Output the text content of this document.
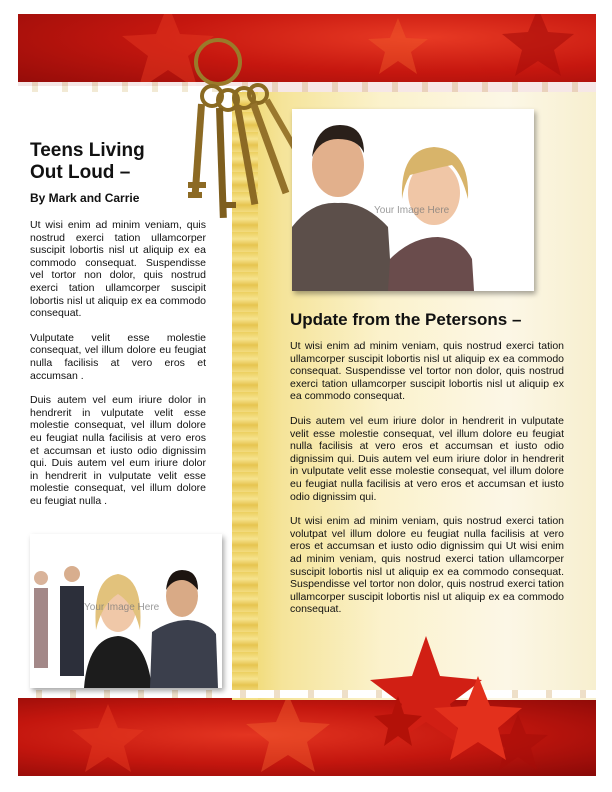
Teens Living
Out Loud –

By Mark and Carrie

Ut wisi enim ad minim veniam, quis nostrud exerci tation ullamcorper suscipit lobortis nisl ut aliquip ex ea commodo consequat. Suspendisse vel tortor non dolor, quis nostrud exerci tation ullamcorper suscipit lobortis nisl ut aliquip ex ea commodo consequat.

Vulputate velit esse molestie consequat, vel illum dolore eu feugiat nulla facilisis at vero eros et accumsan .

Duis autem vel eum iriure dolor in hendrerit in vulputate velit esse molestie consequat, vel illum dolore eu feugiat nulla facilisis at vero eros et accumsan et iusto odio dignissim qui. Duis autem vel eum iriure dolor in hendrerit in vulputate velit esse molestie consequat, vel illum dolore eu feugiat nulla .

Your Image Here
Your Image Here
Update from the Petersons –

Ut wisi enim ad minim veniam, quis nostrud exerci tation ullamcorper suscipit lobortis nisl ut aliquip ex ea commodo consequat. Suspendisse vel tortor non dolor, quis nostrud exerci tation ullamcorper suscipit lobortis nisl ut aliquip ex ea commodo consequat.

Duis autem vel eum iriure dolor in hendrerit in vulputate velit esse molestie consequat, vel illum dolore eu feugiat nulla facilisis at vero eros et accumsan et iusto odio dignissim qui. Duis autem vel eum iriure dolor in hendrerit in vulputate velit esse molestie consequat, vel illum dolore eu feugiat nulla facilisis at vero eros et accumsan et iusto odio dignissim qui.

Ut wisi enim ad minim veniam, quis nostrud exerci tation volutpat vel illum dolore eu feugiat nulla facilisis at vero eros et accumsan et iusto odio dignissim qui Ut wisi enim ad minim veniam, quis nostrud exerci tation ullamcorper suscipit lobortis nisl ut aliquip ex ea commodo consequat. Suspendisse vel tortor non dolor, quis nostrud exerci tation ullamcorper suscipit lobortis nisl ut aliquip ex ea commodo consequat.
